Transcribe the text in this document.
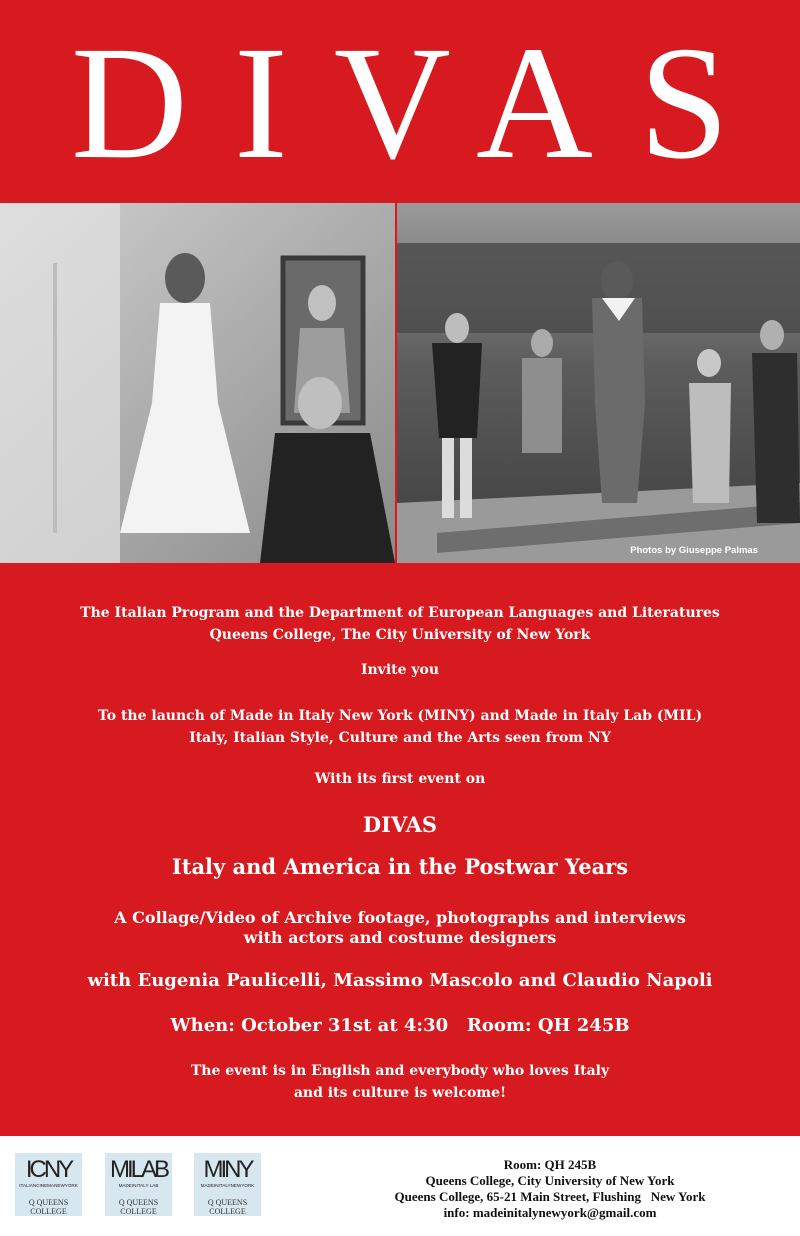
DIVAS
Photos by Giuseppe Palmas
The Italian Program and the Department of European Languages and Literatures
Queens College, The City University of New York
Invite you
To the launch of Made in Italy New York (MINY) and Made in Italy Lab (MIL)
Italy, Italian Style, Culture and the Arts seen from NY
With its first event on
DIVAS
Italy and America in the Postwar Years
A Collage/Video of Archive footage, photographs and interviews
with actors and costume designers
with Eugenia Paulicelli, Massimo Mascolo and Claudio Napoli
When: October 31st at 4:30   Room: QH 245B
The event is in English and everybody who loves Italy
and its culture is welcome!
ICNY
ITALIANCINEMANEWYORK
Q QUEENS COLLEGE
MILAB
MADEINITALY LAB
Q QUEENS COLLEGE
MINY
MADEINITALYNEWYORK
Q QUEENS COLLEGE
Room: QH 245B
Queens College, City University of New York
Queens College, 65-21 Main Street, Flushing   New York
info: madeinitalynewyork@gmail.com
